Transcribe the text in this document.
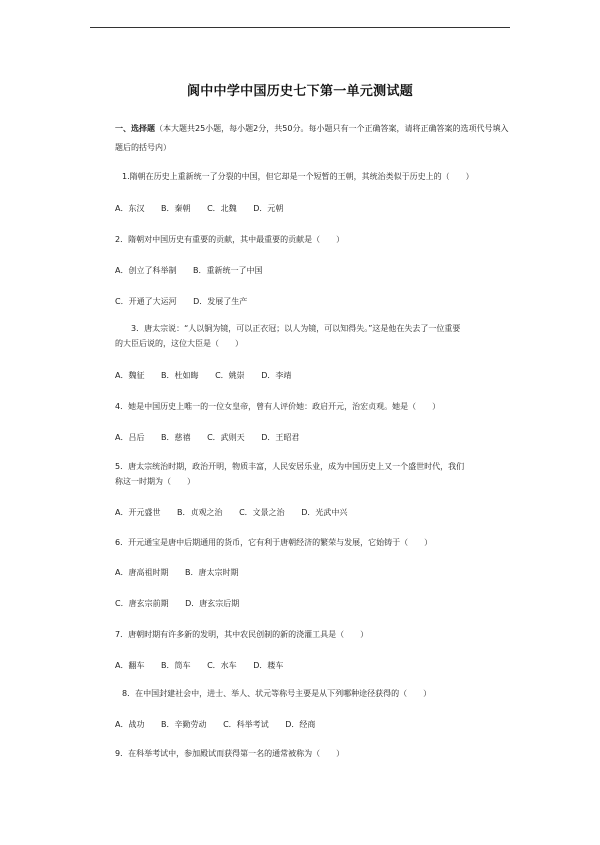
阆中中学中国历史七下第一单元测试题
一、选择题（本大题共25小题，每小题2分，共50分。每小题只有一个正确答案，请将正确答案的选项代号填入题后的括号内）
1.隋朝在历史上重新统一了分裂的中国，但它却是一个短暂的王朝，其统治类似于历史上的（　　）
A．东汉 B．秦朝 C．北魏 D．元朝
2．隋朝对中国历史有重要的贡献，其中最重要的贡献是（　　）
A．创立了科举制 B．重新统一了中国
C．开通了大运河 D．发展了生产
3．唐太宗说：“人以铜为镜，可以正衣冠；以人为镜，可以知得失。”这是他在失去了一位重要
的大臣后说的，这位大臣是（　　）
A．魏征 B．杜如晦 C．姚崇 D．李靖
4．她是中国历史上唯一的一位女皇帝，曾有人评价她：政启开元，治宏贞观。她是（　　）
A．吕后 B．慈禧 C．武则天 D．王昭君
5．唐太宗统治时期，政治开明，物质丰富，人民安居乐业，成为中国历史上又一个盛世时代，我们
称这一时期为（　　）
A．开元盛世 B．贞观之治 C．文景之治 D．光武中兴
6．开元通宝是唐中后期通用的货币，它有利于唐朝经济的繁荣与发展，它始铸于（　　）
A．唐高祖时期 B．唐太宗时期
C．唐玄宗前期 D．唐玄宗后期
7．唐朝时期有许多新的发明，其中农民创制的新的浇灌工具是（　　）
A．翻车 B．筒车 C．水车 D．耧车
8．在中国封建社会中，进士、举人、状元等称号主要是从下列哪种途径获得的（　　）
A．战功 B．辛勤劳动 C．科举考试 D．经商
9．在科举考试中，参加殿试而获得第一名的通常被称为（　　）
